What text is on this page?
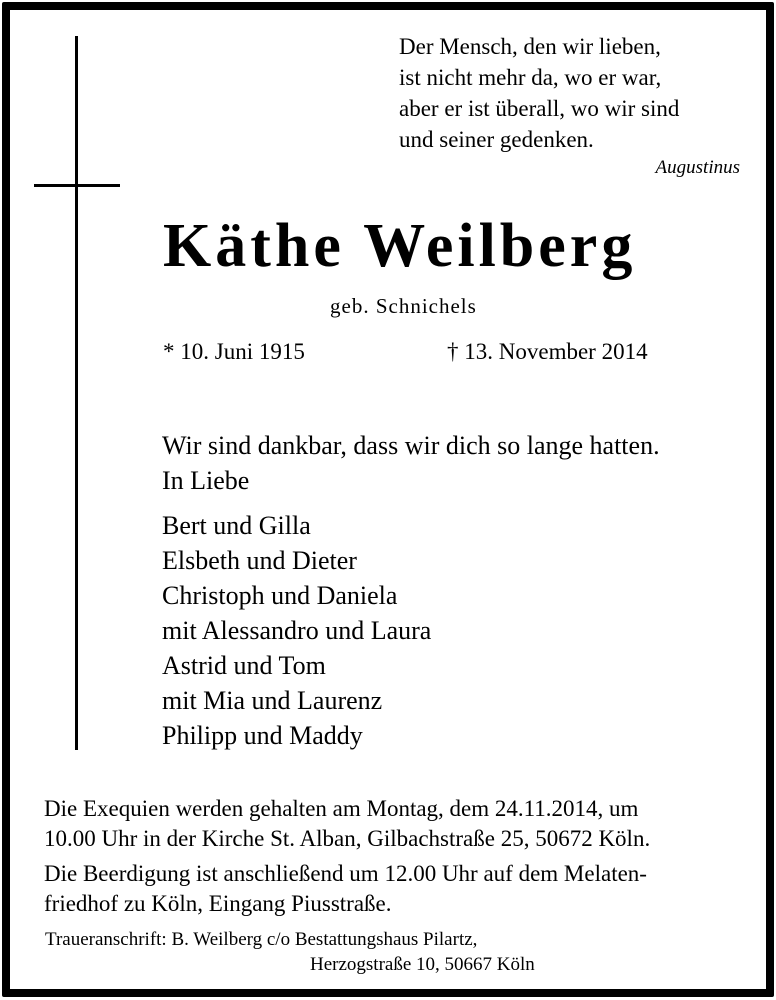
Der Mensch, den wir lieben,
ist nicht mehr da, wo er war,
aber er ist überall, wo wir sind
und seiner gedenken.
Augustinus
Käthe Weilberg
geb. Schnichels
* 10. Juni 1915	† 13. November 2014
Wir sind dankbar, dass wir dich so lange hatten.
In Liebe
Bert und Gilla
Elsbeth und Dieter
Christoph und Daniela
mit Alessandro und Laura
Astrid und Tom
mit Mia und Laurenz
Philipp und Maddy
Die Exequien werden gehalten am Montag, dem 24.11.2014, um
10.00 Uhr in der Kirche St. Alban, Gilbachstraße 25, 50672 Köln.
Die Beerdigung ist anschließend um 12.00 Uhr auf dem Melaten-
friedhof zu Köln, Eingang Piusstraße.
Traueranschrift: B. Weilberg c/o Bestattungshaus Pilartz,
Herzogstraße 10, 50667 Köln
